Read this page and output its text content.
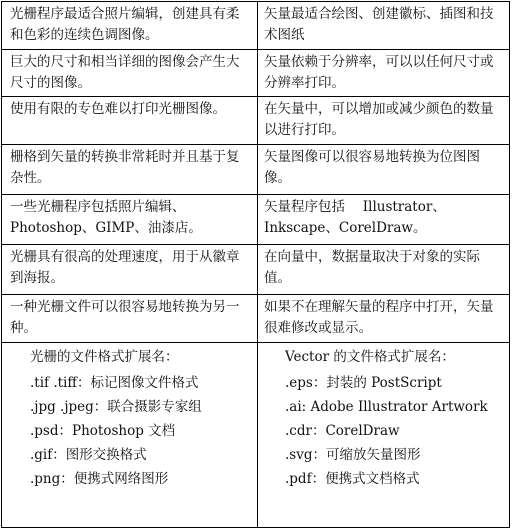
光栅程序最适合照片编辑，创建具有柔和色彩的连续色调图像。
矢量最适合绘图、创建徽标、插图和技术图纸
巨大的尺寸和相当详细的图像会产生大尺寸的图像。
矢量依赖于分辨率，可以以任何尺寸或分辨率打印。
使用有限的专色难以打印光栅图像。	在矢量中，可以增加或减少颜色的数量以进行打印。
栅格到矢量的转换非常耗时并且基于复杂性。
矢量图像可以很容易地转换为位图图像。
一些光栅程序包括照片编辑、Photoshop、GIMP、油漆店。
矢量程序包括　 Illustrator、Inkscape、CorelDraw。
光栅具有很高的处理速度，用于从徽章到海报。
在向量中，数据量取决于对象的实际值。
一种光栅文件可以很容易地转换为另一种。
如果不在理解矢量的程序中打开，矢量很难修改或显示。
光栅的文件格式扩展名：
.tif .tiff：标记图像文件格式
.jpg .jpeg：联合摄影专家组
.psd：Photoshop 文档
.gif：图形交换格式
.png：便携式网络图形
Vector 的文件格式扩展名：
.eps：封装的 PostScript
.ai: Adobe Illustrator Artwork
.cdr：CorelDraw
.svg：可缩放矢量图形
.pdf：便携式文档格式
